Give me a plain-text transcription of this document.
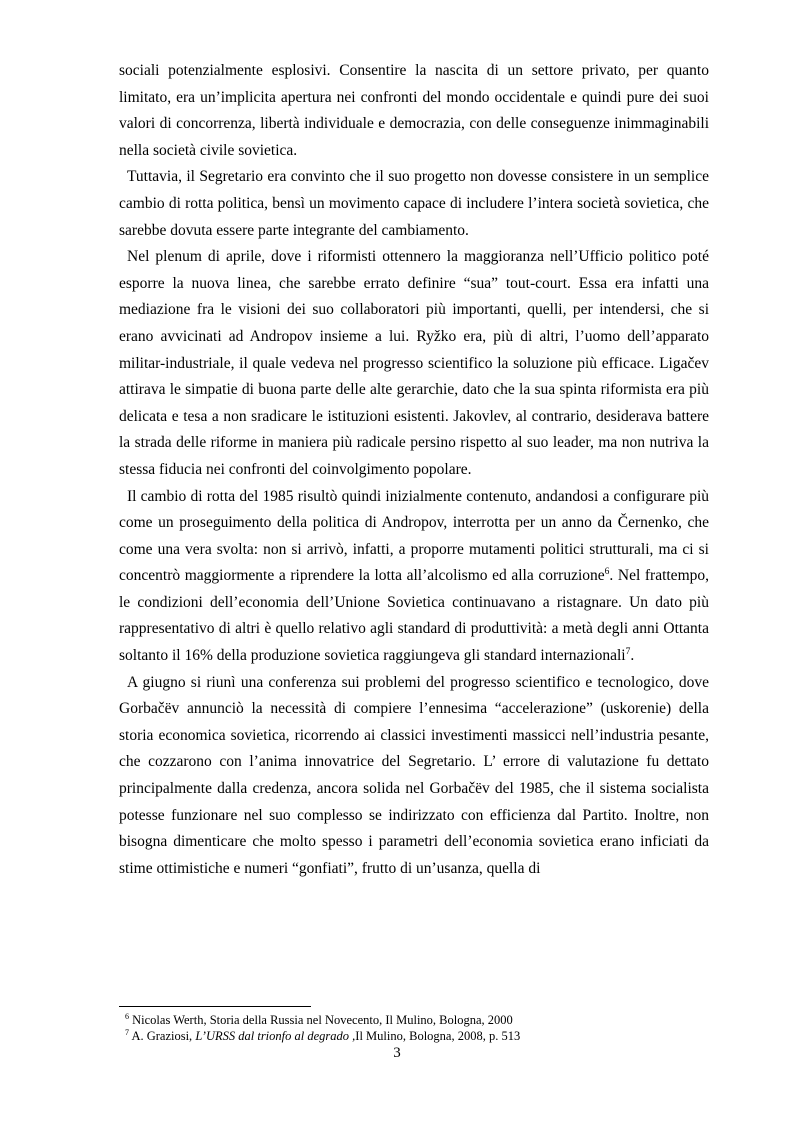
sociali potenzialmente esplosivi. Consentire la nascita di un settore privato, per quanto limitato, era un’implicita apertura nei confronti del mondo occidentale e quindi pure dei suoi valori di concorrenza, libertà individuale e democrazia, con delle conseguenze inimmaginabili nella società civile sovietica.

Tuttavia, il Segretario era convinto che il suo progetto non dovesse consistere in un semplice cambio di rotta politica, bensì un movimento capace di includere l’intera società sovietica, che sarebbe dovuta essere parte integrante del cambiamento.

Nel plenum di aprile, dove i riformisti ottennero la maggioranza nell’Ufficio politico poté esporre la nuova linea, che sarebbe errato definire “sua” tout-court. Essa era infatti una mediazione fra le visioni dei suo collaboratori più importanti, quelli, per intendersi, che si erano avvicinati ad Andropov insieme a lui. Ryžko era, più di altri, l’uomo dell’apparato militar-industriale, il quale vedeva nel progresso scientifico la soluzione più efficace. Ligačev attirava le simpatie di buona parte delle alte gerarchie, dato che la sua spinta riformista era più delicata e tesa a non sradicare le istituzioni esistenti. Jakovlev, al contrario, desiderava battere la strada delle riforme in maniera più radicale persino rispetto al suo leader, ma non nutriva la stessa fiducia nei confronti del coinvolgimento popolare.

Il cambio di rotta del 1985 risultò quindi inizialmente contenuto, andandosi a configurare più come un proseguimento della politica di Andropov, interrotta per un anno da Černenko, che come una vera svolta: non si arrivò, infatti, a proporre mutamenti politici strutturali, ma ci si concentrò maggiormente a riprendere la lotta all’alcolismo ed alla corruzione$^6$. Nel frattempo, le condizioni dell’economia dell’Unione Sovietica continuavano a ristagnare. Un dato più rappresentativo di altri è quello relativo agli standard di produttività: a metà degli anni Ottanta soltanto il 16% della produzione sovietica raggiungeva gli standard internazionali$^7$.

A giugno si riunì una conferenza sui problemi del progresso scientifico e tecnologico, dove Gorbačëv annunciò la necessità di compiere l’ennesima “accelerazione” (uskorenie) della storia economica sovietica, ricorrendo ai classici investimenti massicci nell’industria pesante, che cozzarono con l’anima innovatrice del Segretario. L’ errore di valutazione fu dettato principalmente dalla credenza, ancora solida nel Gorbačëv del 1985, che il sistema socialista potesse funzionare nel suo complesso se indirizzato con efficienza dal Partito. Inoltre, non bisogna dimenticare che molto spesso i parametri dell’economia sovietica erano inficiati da stime ottimistiche e numeri “gonfiati”, frutto di un’usanza, quella di

$^6$ Nicolas Werth, Storia della Russia nel Novecento, Il Mulino, Bologna, 2000

$^7$ A. Graziosi, L’URSS dal trionfo al degrado ,Il Mulino, Bologna, 2008, p. 513

3
